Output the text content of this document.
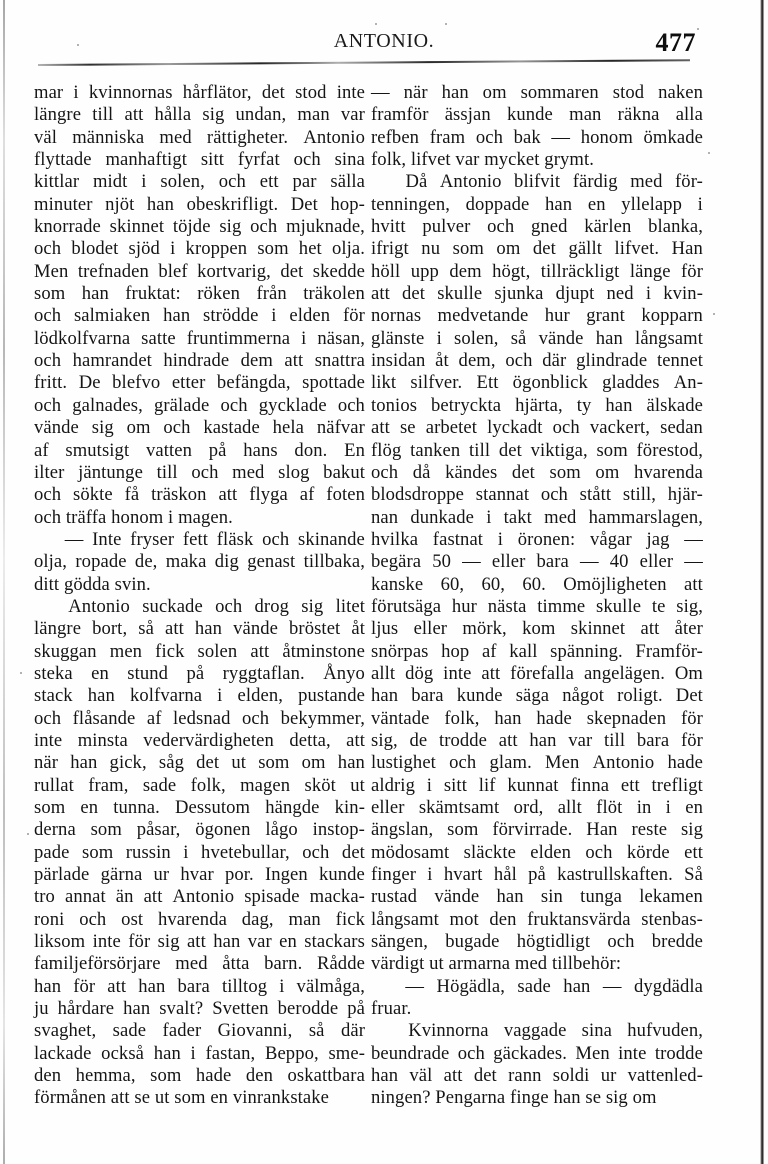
ANTONIO.	477
mar i kvinnornas hårflätor, det stod inte
längre till att hålla sig undan, man var
väl människa med rättigheter. Antonio
flyttade manhaftigt sitt fyrfat och sina
kittlar midt i solen, och ett par sälla
minuter njöt han obeskrifligt. Det hop-
knorrade skinnet töjde sig och mjuknade,
och blodet sjöd i kroppen som het olja.
Men trefnaden blef kortvarig, det skedde
som han fruktat: röken från träkolen
och salmiaken han strödde i elden för
lödkolfvarna satte fruntimmerna i näsan,
och hamrandet hindrade dem att snattra
fritt. De blefvo etter befängda, spottade
och galnades, grälade och gycklade och
vände sig om och kastade hela näfvar
af smutsigt vatten på hans don. En
ilter jäntunge till och med slog bakut
och sökte få träskon att flyga af foten
och träffa honom i magen.
— Inte fryser fett fläsk och skinande
olja, ropade de, maka dig genast tillbaka,
ditt gödda svin.
Antonio suckade och drog sig litet
längre bort, så att han vände bröstet åt
skuggan men fick solen att åtminstone
steka en stund på ryggtaflan. Ånyo
stack han kolfvarna i elden, pustande
och flåsande af ledsnad och bekymmer,
inte minsta vedervärdigheten detta, att
när han gick, såg det ut som om han
rullat fram, sade folk, magen sköt ut
som en tunna. Dessutom hängde kin-
derna som påsar, ögonen lågo instop-
pade som russin i hvetebullar, och det
pärlade gärna ur hvar por. Ingen kunde
tro annat än att Antonio spisade macka-
roni och ost hvarenda dag, man fick
liksom inte för sig att han var en stackars
familjeförsörjare med åtta barn. Rådde
han för att han bara tilltog i välmåga,
ju hårdare han svalt? Svetten berodde på
svaghet, sade fader Giovanni, så där
lackade också han i fastan, Beppo, sme-
den hemma, som hade den oskattbara
förmånen att se ut som en vinrankstake
— när han om sommaren stod naken
framför ässjan kunde man räkna alla
refben fram och bak — honom ömkade
folk, lifvet var mycket grymt.
Då Antonio blifvit färdig med för-
tenningen, doppade han en yllelapp i
hvitt pulver och gned kärlen blanka,
ifrigt nu som om det gällt lifvet. Han
höll upp dem högt, tillräckligt länge för
att det skulle sjunka djupt ned i kvin-
nornas medvetande hur grant kopparn
glänste i solen, så vände han långsamt
insidan åt dem, och där glindrade tennet
likt silfver. Ett ögonblick gladdes An-
tonios betryckta hjärta, ty han älskade
att se arbetet lyckadt och vackert, sedan
flög tanken till det viktiga, som förestod,
och då kändes det som om hvarenda
blodsdroppe stannat och stått still, hjär-
nan dunkade i takt med hammarslagen,
hvilka fastnat i öronen: vågar jag —
begära 50 — eller bara — 40 eller —
kanske 60, 60, 60. Omöjligheten att
förutsäga hur nästa timme skulle te sig,
ljus eller mörk, kom skinnet att åter
snörpas hop af kall spänning. Framför-
allt dög inte att förefalla angelägen. Om
han bara kunde säga något roligt. Det
väntade folk, han hade skepnaden för
sig, de trodde att han var till bara för
lustighet och glam. Men Antonio hade
aldrig i sitt lif kunnat finna ett trefligt
eller skämtsamt ord, allt flöt in i en
ängslan, som förvirrade. Han reste sig
mödosamt släckte elden och körde ett
finger i hvart hål på kastrullskaften. Så
rustad vände han sin tunga lekamen
långsamt mot den fruktansvärda stenbas-
sängen, bugade högtidligt och bredde
värdigt ut armarna med tillbehör:
— Högädla, sade han — dygdädla
fruar.
Kvinnorna vaggade sina hufvuden,
beundrade och gäckades. Men inte trodde
han väl att det rann soldi ur vattenled-
ningen? Pengarna finge han se sig om
